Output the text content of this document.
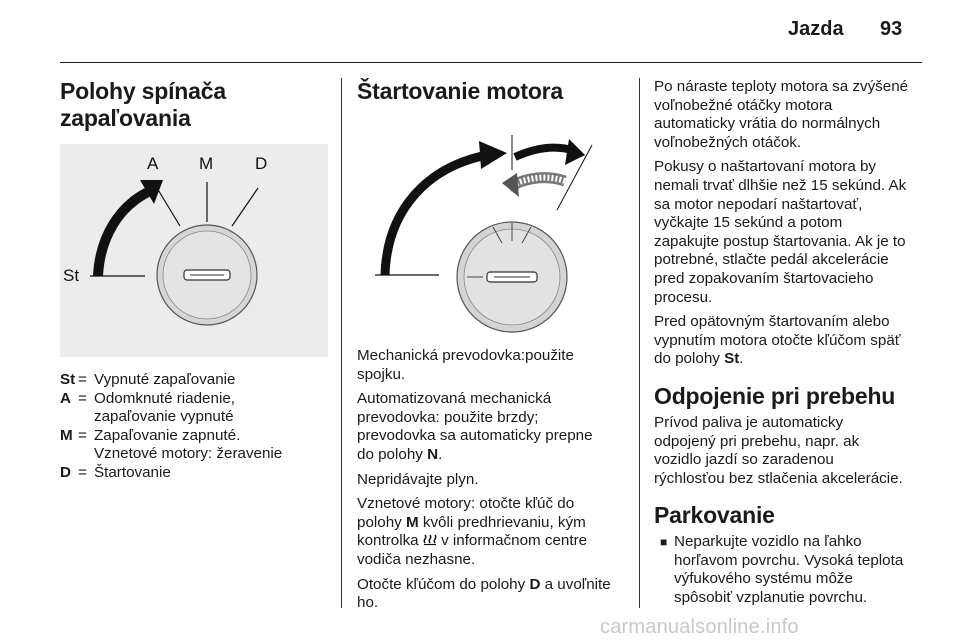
Jazda 93
Polohy spínača
zapaľovania
A M D
St
St = Vypnuté zapaľovanie
A = Odomknuté riadenie,
zapaľovanie vypnuté
M = Zapaľovanie zapnuté.
Vznetové motory: žeravenie
D = Štartovanie
Štartovanie motora

Mechanická prevodovka:použite
spojku.

Automatizovaná mechanická
prevodovka: použite brzdy;
prevodovka sa automaticky prepne
do polohy N.

Nepridávajte plyn.

Vznetové motory: otočte kľúč do
polohy M kvôli predhrievaniu, kým
kontrolka  v informačnom centre
vodiča nezhasne.

Otočte kľúčom do polohy D a uvoľnite
ho.

Po náraste teploty motora sa zvýšené
voľnobežné otáčky motora
automaticky vrátia do normálnych
voľnobežných otáčok.

Pokusy o naštartovaní motora by
nemali trvať dlhšie než 15 sekúnd. Ak
sa motor nepodarí naštartovať,
vyčkajte 15 sekúnd a potom
zapakujte postup štartovania. Ak je to
potrebné, stlačte pedál akcelerácie
pred zopakovaním štartovacieho
procesu.

Pred opätovným štartovaním alebo
vypnutím motora otočte kľúčom späť
do polohy St.

Odpojenie pri prebehu

Prívod paliva je automaticky
odpojený pri prebehu, napr. ak
vozidlo jazdí so zaradenou
rýchlosťou bez stlačenia akcelerácie.

Parkovanie
■ Neparkujte vozidlo na ľahko
horľavom povrchu. Vysoká teplota
výfukového systému môže
spôsobiť vzplanutie povrchu.
carmanualsonline.info
